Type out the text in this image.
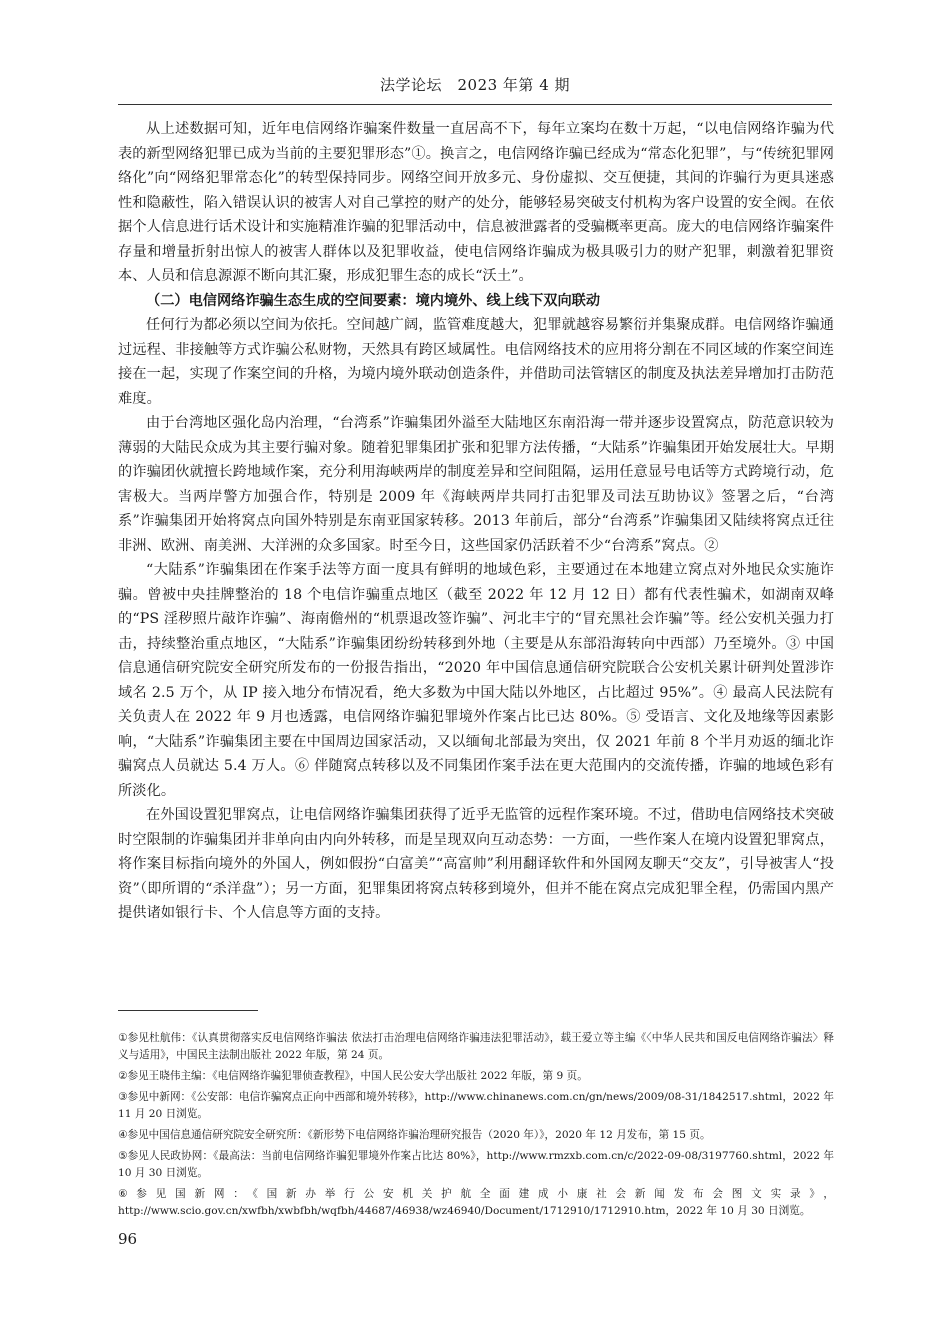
法学论坛　2023 年第 4 期

从上述数据可知，近年电信网络诈骗案件数量一直居高不下，每年立案均在数十万起，“以电信网络诈骗为代表的新型网络犯罪已成为当前的主要犯罪形态”①。换言之，电信网络诈骗已经成为“常态化犯罪”，与“传统犯罪网络化”向“网络犯罪常态化”的转型保持同步。网络空间开放多元、身份虚拟、交互便捷，其间的诈骗行为更具迷惑性和隐蔽性，陷入错误认识的被害人对自己掌控的财产的处分，能够轻易突破支付机构为客户设置的安全阀。在依据个人信息进行话术设计和实施精准诈骗的犯罪活动中，信息被泄露者的受骗概率更高。庞大的电信网络诈骗案件存量和增量折射出惊人的被害人群体以及犯罪收益，使电信网络诈骗成为极具吸引力的财产犯罪，刺激着犯罪资本、人员和信息源源不断向其汇聚，形成犯罪生态的成长“沃土”。

（二）电信网络诈骗生态生成的空间要素：境内境外、线上线下双向联动

任何行为都必须以空间为依托。空间越广阔，监管难度越大，犯罪就越容易繁衍并集聚成群。电信网络诈骗通过远程、非接触等方式诈骗公私财物，天然具有跨区域属性。电信网络技术的应用将分割在不同区域的作案空间连接在一起，实现了作案空间的升格，为境内境外联动创造条件，并借助司法管辖区的制度及执法差异增加打击防范难度。

由于台湾地区强化岛内治理，“台湾系”诈骗集团外溢至大陆地区东南沿海一带并逐步设置窝点，防范意识较为薄弱的大陆民众成为其主要行骗对象。随着犯罪集团扩张和犯罪方法传播，“大陆系”诈骗集团开始发展壮大。早期的诈骗团伙就擅长跨地域作案，充分利用海峡两岸的制度差异和空间阻隔，运用任意显号电话等方式跨境行动，危害极大。当两岸警方加强合作，特别是 2009 年《海峡两岸共同打击犯罪及司法互助协议》签署之后，“台湾系”诈骗集团开始将窝点向国外特别是东南亚国家转移。2013 年前后，部分“台湾系”诈骗集团又陆续将窝点迁往非洲、欧洲、南美洲、大洋洲的众多国家。时至今日，这些国家仍活跃着不少“台湾系”窝点。②

“大陆系”诈骗集团在作案手法等方面一度具有鲜明的地域色彩，主要通过在本地建立窝点对外地民众实施诈骗。曾被中央挂牌整治的 18 个电信诈骗重点地区（截至 2022 年 12 月 12 日）都有代表性骗术，如湖南双峰的“PS 淫秽照片敲诈诈骗”、海南儋州的“机票退改签诈骗”、河北丰宁的“冒充黑社会诈骗”等。经公安机关强力打击，持续整治重点地区，“大陆系”诈骗集团纷纷转移到外地（主要是从东部沿海转向中西部）乃至境外。③ 中国信息通信研究院安全研究所发布的一份报告指出，“2020 年中国信息通信研究院联合公安机关累计研判处置涉诈域名 2.5 万个，从 IP 接入地分布情况看，绝大多数为中国大陆以外地区，占比超过 95%”。④ 最高人民法院有关负责人在 2022 年 9 月也透露，电信网络诈骗犯罪境外作案占比已达 80%。⑤ 受语言、文化及地缘等因素影响，“大陆系”诈骗集团主要在中国周边国家活动，又以缅甸北部最为突出，仅 2021 年前 8 个半月劝返的缅北诈骗窝点人员就达 5.4 万人。⑥ 伴随窝点转移以及不同集团作案手法在更大范围内的交流传播，诈骗的地域色彩有所淡化。

在外国设置犯罪窝点，让电信网络诈骗集团获得了近乎无监管的远程作案环境。不过，借助电信网络技术突破时空限制的诈骗集团并非单向由内向外转移，而是呈现双向互动态势：一方面，一些作案人在境内设置犯罪窝点，将作案目标指向境外的外国人，例如假扮“白富美”“高富帅”利用翻译软件和外国网友聊天“交友”，引导被害人“投资”（即所谓的“杀洋盘”）；另一方面，犯罪集团将窝点转移到境外，但并不能在窝点完成犯罪全程，仍需国内黑产提供诸如银行卡、个人信息等方面的支持。

①参见杜航伟：《认真贯彻落实反电信网络诈骗法 依法打击治理电信网络诈骗违法犯罪活动》，载王爱立等主编《〈中华人民共和国反电信网络诈骗法〉释义与适用》，中国民主法制出版社 2022 年版，第 24 页。
②参见王晓伟主编：《电信网络诈骗犯罪侦查教程》，中国人民公安大学出版社 2022 年版，第 9 页。
③参见中新网：《公安部：电信诈骗窝点正向中西部和境外转移》，http://www.chinanews.com.cn/gn/news/2009/08-31/1842517.shtml，2022 年 11 月 20 日浏览。
④参见中国信息通信研究院安全研究所：《新形势下电信网络诈骗治理研究报告（2020 年）》，2020 年 12 月发布，第 15 页。
⑤参见人民政协网：《最高法：当前电信网络诈骗犯罪境外作案占比达 80%》，http://www.rmzxb.com.cn/c/2022-09-08/3197760.shtml，2022 年 10 月 30 日浏览。
⑥参见国新网：《国新办举行公安机关护航全面建成小康社会新闻发布会图文实录》，http://www.scio.gov.cn/xwfbh/xwbfbh/wqfbh/44687/46938/wz46940/Document/1712910/1712910.htm，2022 年 10 月 30 日浏览。
96
